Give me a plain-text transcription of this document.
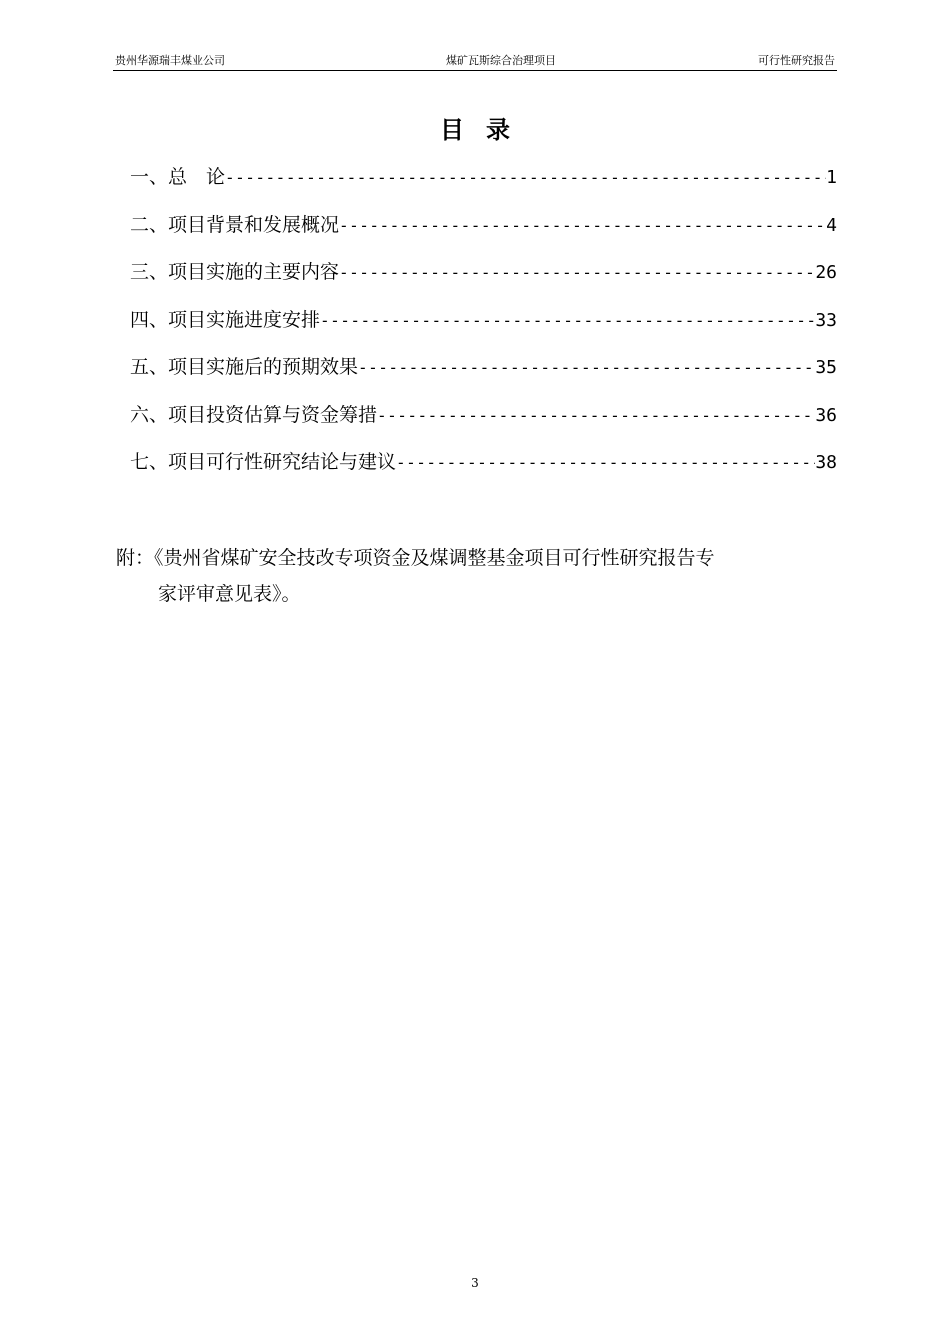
贵州华源瑞丰煤业公司	煤矿瓦斯综合治理项目	可行性研究报告
目录
一、总　论 -----	1
二、项目背景和发展概况 -----	4
三、项目实施的主要内容 -----	26
四、项目实施进度安排 -----	33
五、项目实施后的预期效果 -----	35
六、项目投资估算与资金筹措 -----	36
七、项目可行性研究结论与建议 -----	38
附：《贵州省煤矿安全技改专项资金及煤调整基金项目可行性研究报告专
家评审意见表》。
3
